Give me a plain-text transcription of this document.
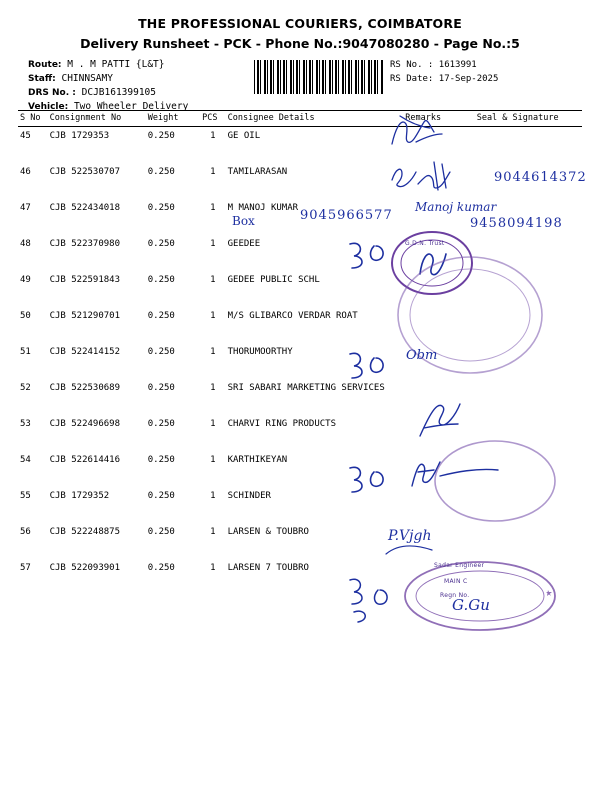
THE PROFESSIONAL COURIERS, COIMBATORE
Delivery Runsheet - PCK - Phone No.:9047080280 - Page No.:5
Route: M . M PATTI {L&T}
Staff: CHINNSAMY
DRS No. : DCJB161399105
Vehicle: Two Wheeler Delivery
RS No. : 1613991
RS Date: 17-Sep-2025
S No	Consignment No	Weight	PCS	Consignee Details	Remarks	Seal & Signature
45	CJB 1729353	0.250	1	GE OIL		
46	CJB 522530707	0.250	1	TAMILARASAN		
47	CJB 522434018	0.250	1	M MANOJ KUMAR		
48	CJB 522370980	0.250	1	GEEDEE		
49	CJB 522591843	0.250	1	GEDEE PUBLIC SCHL		
50	CJB 521290701	0.250	1	M/S GLIBARCO VERDAR ROAT		
51	CJB 522414152	0.250	1	THORUMOORTHY		
52	CJB 522530689	0.250	1	SRI SABARI MARKETING SERVICES		
53	CJB 522496698	0.250	1	CHARVI RING PRODUCTS		
54	CJB 522614416	0.250	1	KARTHIKEYAN		
55	CJB 1729352	0.250	1	SCHINDER		
56	CJB 522248875	0.250	1	LARSEN & TOUBRO		
57	CJB 522093901	0.250	1	LARSEN 7 TOUBRO		
9044614372
9045966577
Box
Manoj kumar
9458094198
G.D.N. Trust
Obm
P.Vjgh
Sadar Engineer
MAIN C
Regn No.
G.Gu
